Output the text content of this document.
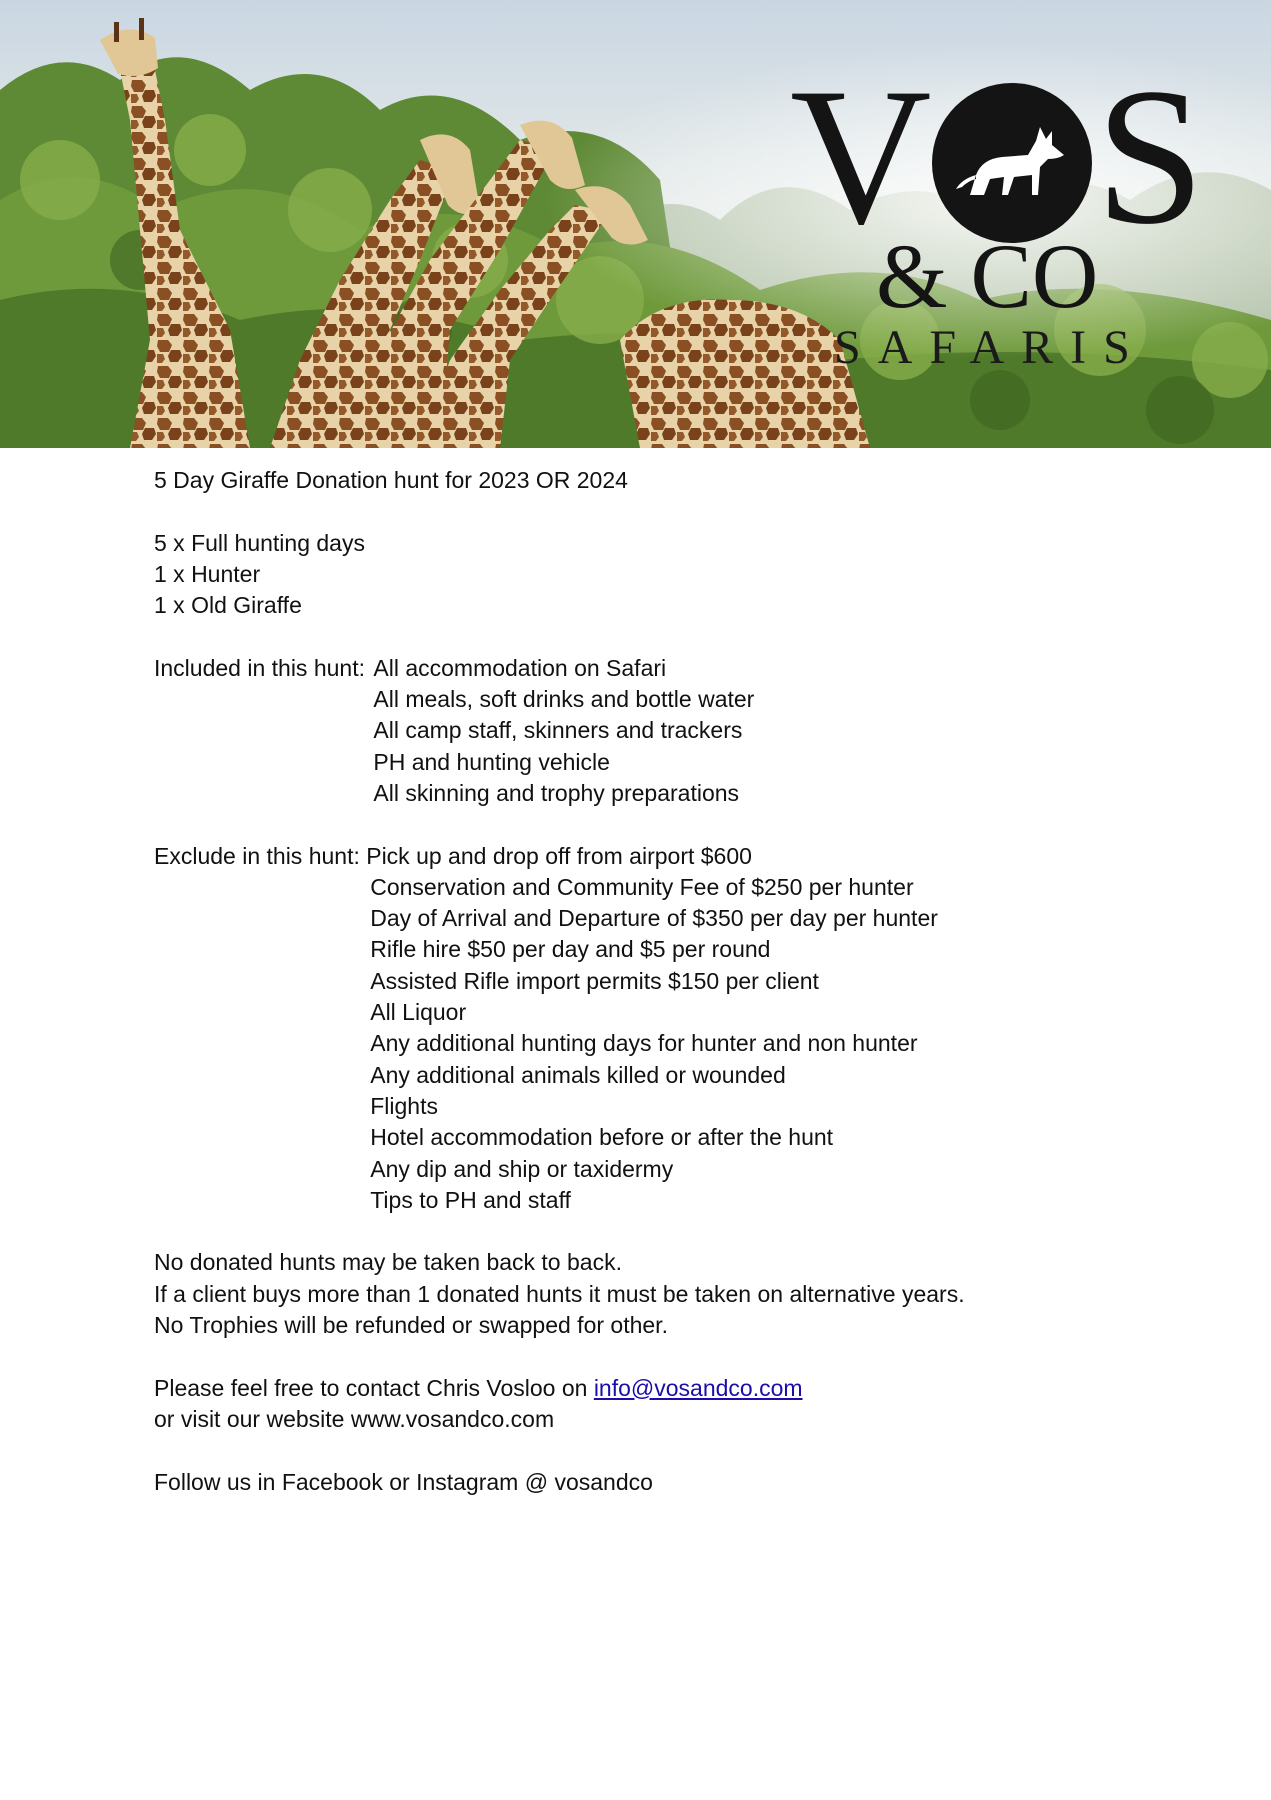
V S
& CO
SAFARIS

5 Day Giraffe Donation hunt for 2023 OR 2024

5 x Full hunting days

1 x Hunter

1 x Old Giraffe

Included in this hunt: All accommodation on Safari

All meals, soft drinks and bottle water

All camp staff, skinners and trackers

PH and hunting vehicle

All skinning and trophy preparations

Exclude in this hunt: Pick up and drop off from airport $600

Conservation and Community Fee of $250 per hunter

Day of Arrival and Departure of $350 per day per hunter

Rifle hire $50 per day and $5 per round

Assisted Rifle import permits $150 per client

All Liquor

Any additional hunting days for hunter and non hunter

Any additional animals killed or wounded

Flights

Hotel accommodation before or after the hunt

Any dip and ship or taxidermy

Tips to PH and staff

No donated hunts may be taken back to back.

If a client buys more than 1 donated hunts it must be taken on alternative years.

No Trophies will be refunded or swapped for other.

Please feel free to contact Chris Vosloo on info@vosandco.com

or visit our website www.vosandco.com

Follow us in Facebook or Instagram @ vosandco
